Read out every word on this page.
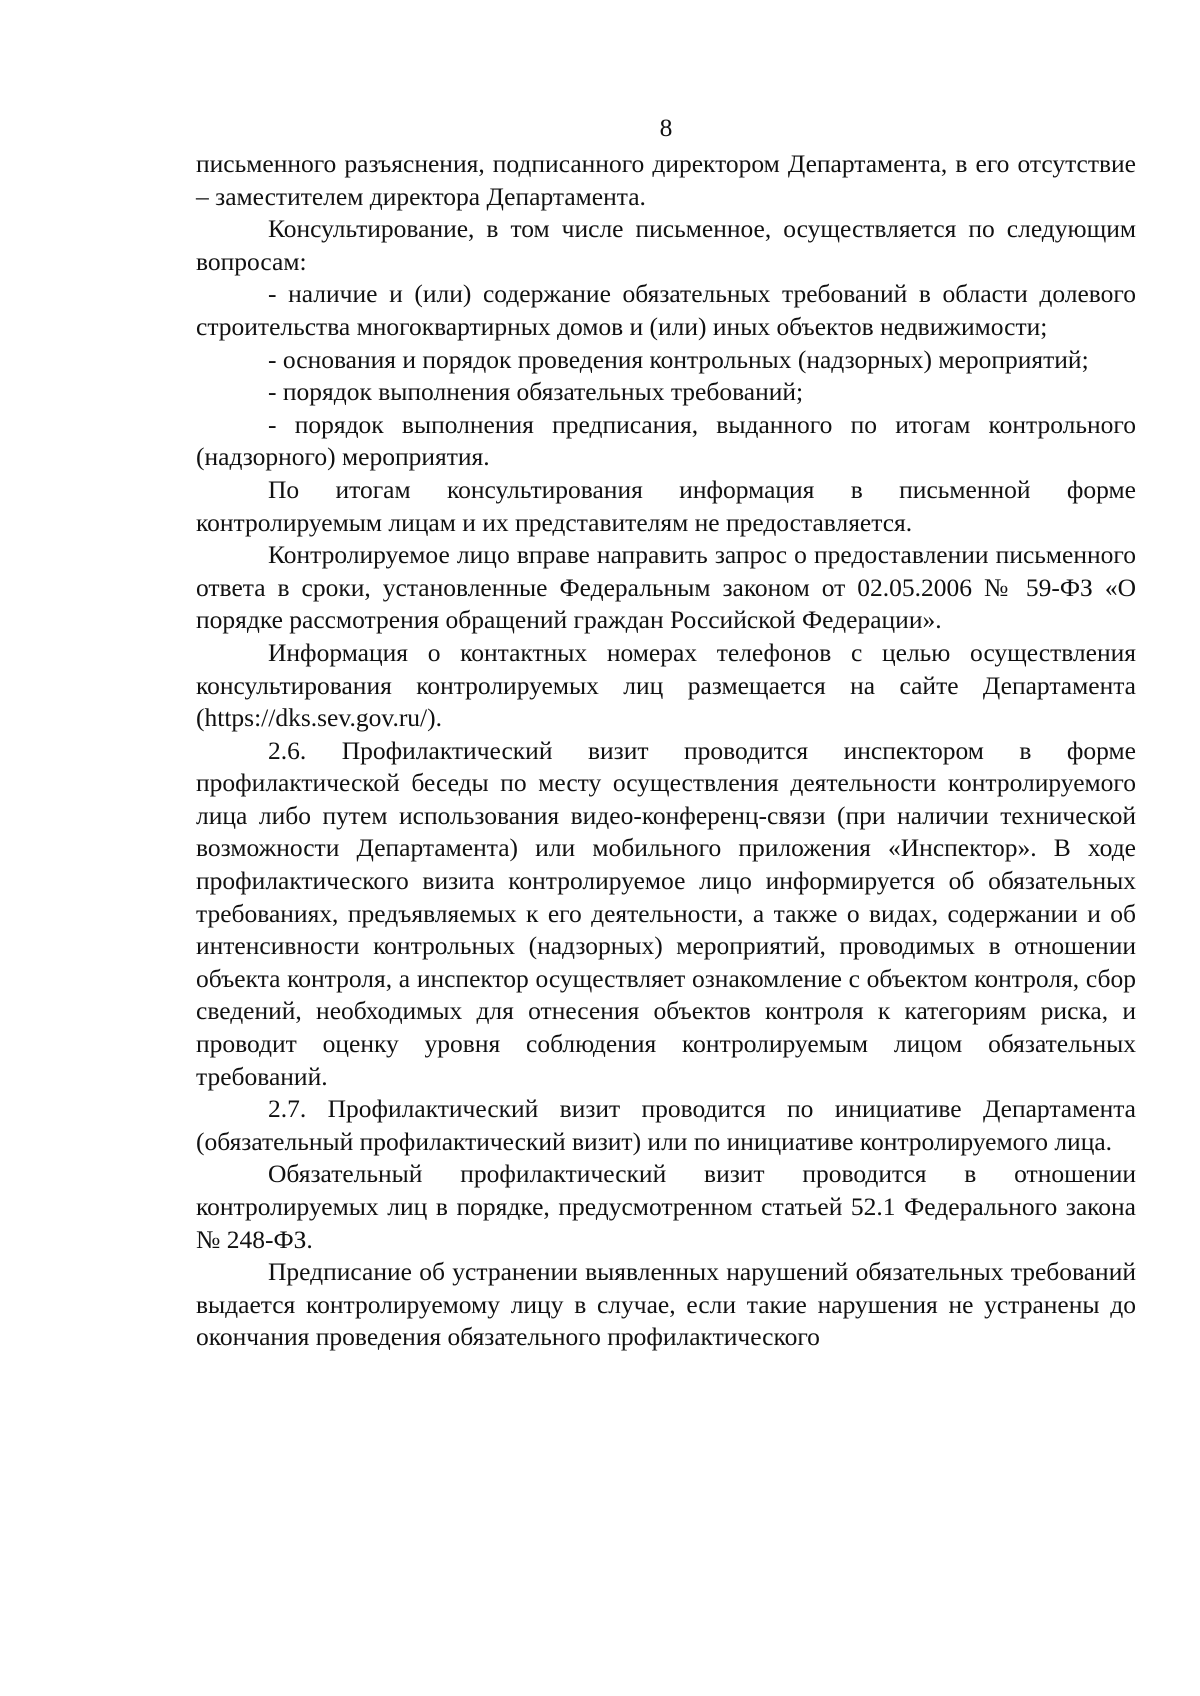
8

письменного разъяснения, подписанного директором Департамента, в его отсутствие – заместителем директора Департамента.

Консультирование, в том числе письменное, осуществляется по следующим вопросам:

- наличие и (или) содержание обязательных требований в области долевого строительства многоквартирных домов и (или) иных объектов недвижимости;

- основания и порядок проведения контрольных (надзорных) мероприятий;

- порядок выполнения обязательных требований;

- порядок выполнения предписания, выданного по итогам контрольного (надзорного) мероприятия.

По итогам консультирования информация в письменной форме контролируемым лицам и их представителям не предоставляется.

Контролируемое лицо вправе направить запрос о предоставлении письменного ответа в сроки, установленные Федеральным законом от 02.05.2006 № 59-ФЗ «О порядке рассмотрения обращений граждан Российской Федерации».

Информация о контактных номерах телефонов с целью осуществления консультирования контролируемых лиц размещается на сайте Департамента (https://dks.sev.gov.ru/).

2.6. Профилактический визит проводится инспектором в форме профилактической беседы по месту осуществления деятельности контролируемого лица либо путем использования видео-конференц-связи (при наличии технической возможности Департамента) или мобильного приложения «Инспектор». В ходе профилактического визита контролируемое лицо информируется об обязательных требованиях, предъявляемых к его деятельности, а также о видах, содержании и об интенсивности контрольных (надзорных) мероприятий, проводимых в отношении объекта контроля, а инспектор осуществляет ознакомление с объектом контроля, сбор сведений, необходимых для отнесения объектов контроля к категориям риска, и проводит оценку уровня соблюдения контролируемым лицом обязательных требований.

2.7. Профилактический визит проводится по инициативе Департамента (обязательный профилактический визит) или по инициативе контролируемого лица.

Обязательный профилактический визит проводится в отношении контролируемых лиц в порядке, предусмотренном статьей 52.1 Федерального закона № 248-ФЗ.

Предписание об устранении выявленных нарушений обязательных требований выдается контролируемому лицу в случае, если такие нарушения не устранены до окончания проведения обязательного профилактического
